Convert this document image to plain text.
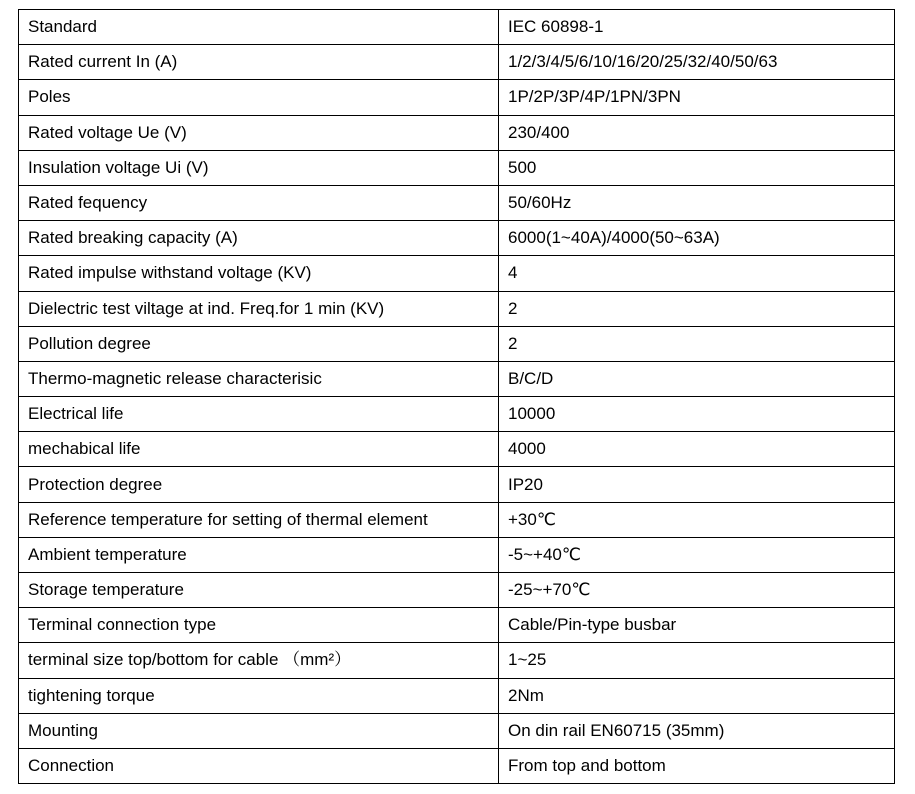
Standard	IEC 60898-1
Rated current In (A)	1/2/3/4/5/6/10/16/20/25/32/40/50/63
Poles	1P/2P/3P/4P/1PN/3PN
Rated voltage Ue (V)	230/400
Insulation voltage Ui (V)	500
Rated fequency	50/60Hz
Rated breaking capacity (A)	6000(1~40A)/4000(50~63A)
Rated impulse withstand voltage (KV)	4
Dielectric test viltage at ind. Freq.for 1 min (KV)	2
Pollution degree	2
Thermo-magnetic release characterisic	B/C/D
Electrical life	10000
mechabical life	4000
Protection degree	IP20
Reference temperature for setting of thermal element	+30℃
Ambient temperature	-5~+40℃
Storage temperature	-25~+70℃
Terminal connection type	Cable/Pin-type busbar
terminal size top/bottom for cable （mm²）	1~25
tightening torque	2Nm
Mounting	On din rail EN60715 (35mm)
Connection	From top and bottom
